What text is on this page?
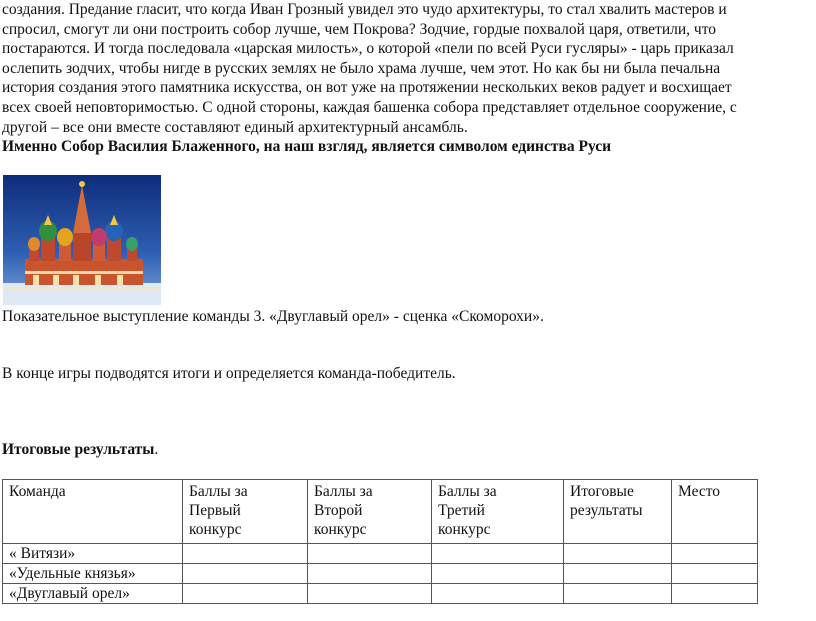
создания. Предание гласит, что когда Иван Грозный увидел это чудо архитектуры, то стал хвалить мастеров и
спросил, смогут ли они построить собор лучше, чем Покрова? Зодчие, гордые похвалой царя, ответили, что
постараются. И тогда последовала «царская милость», о которой «пели по всей Руси гусляры» - царь приказал
ослепить зодчих, чтобы нигде в русских землях не было храма лучше, чем этот. Но как бы ни была печальна
история создания этого памятника искусства, он вот уже на протяжении нескольких веков радует и восхищает
всех своей неповторимостью. С одной стороны, каждая башенка собора представляет отдельное сооружение, с
другой – все они вместе составляют единый архитектурный ансамбль.
Именно Собор Василия Блаженного, на наш взгляд, является символом единства Руси

Показательное выступление команды 3. «Двуглавый орел» - сценка «Скоморохи».

В конце игры подводятся итоги и определяется команда-победитель.

Итоговые результаты.

Команда	Баллы за
Первый
конкурс	Баллы за
Второй
конкурс	Баллы за
Третий
конкурс	Итоговые
результаты	Место

« Витязи»					
«Удельные князья»					
«Двуглавый орел»					
